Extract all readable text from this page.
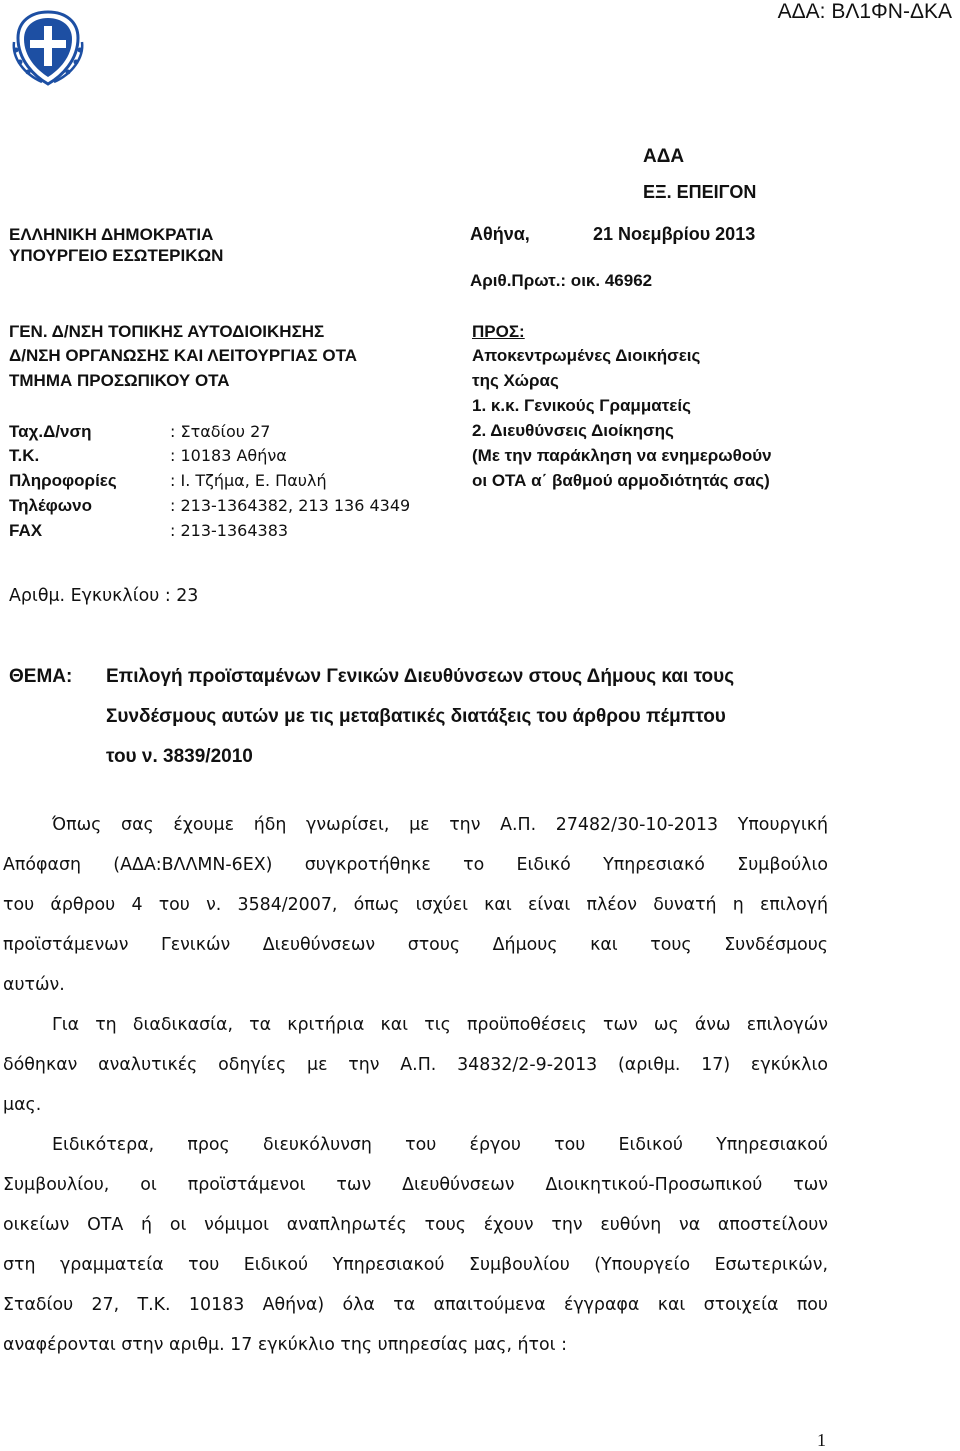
ΑΔΑ: ΒΛ1ΦΝ-ΔΚΑ
ΑΔΑ
ΕΞ. ΕΠΕΙΓΟΝ
Αθήνα,	21 Νοεμβρίου 2013
Αριθ.Πρωτ.: οικ. 46962
ΕΛΛΗΝΙΚΗ ΔΗΜΟΚΡΑΤΙΑ
ΥΠΟΥΡΓΕΙΟ ΕΣΩΤΕΡΙΚΩΝ
ΓΕΝ. Δ/ΝΣΗ ΤΟΠΙΚΗΣ ΑΥΤΟΔΙΟΙΚΗΣΗΣ
Δ/ΝΣΗ ΟΡΓΑΝΩΣΗΣ ΚΑΙ ΛΕΙΤΟΥΡΓΙΑΣ ΟΤΑ
ΤΜΗΜΑ ΠΡΟΣΩΠΙΚΟΥ ΟΤΑ
Ταχ.Δ/νση	: Σταδίου 27
Τ.Κ.	: 10183 Αθήνα
Πληροφορίες	: Ι. Τζήμα, Ε. Παυλή
Τηλέφωνο	: 213-1364382, 213 136 4349
FAX	: 213-1364383
ΠΡΟΣ:
Αποκεντρωμένες Διοικήσεις
της Χώρας
1. κ.κ. Γενικούς Γραμματείς
2. Διευθύνσεις Διοίκησης
(Με την παράκληση να ενημερωθούν
οι ΟΤΑ α΄ βαθμού αρμοδιότητάς σας)
Αριθμ. Εγκυκλίου : 23
ΘΕΜΑ: Επιλογή προϊσταμένων Γενικών Διευθύνσεων στους Δήμους και τους
Συνδέσμους αυτών με τις μεταβατικές διατάξεις του άρθρου πέμπτου
του ν. 3839/2010
Όπως σας έχουμε ήδη γνωρίσει, με την Α.Π. 27482/30-10-2013 Υπουργική
Απόφαση (ΑΔΑ:ΒΛΛΜΝ-6ΕΧ) συγκροτήθηκε το Ειδικό Υπηρεσιακό Συμβούλιο
του άρθρου 4 του ν. 3584/2007, όπως ισχύει και είναι πλέον δυνατή η επιλογή
προϊστάμενων Γενικών Διευθύνσεων στους Δήμους και τους Συνδέσμους
αυτών.
Για τη διαδικασία, τα κριτήρια και τις προϋποθέσεις των ως άνω επιλογών
δόθηκαν αναλυτικές οδηγίες με την Α.Π. 34832/2-9-2013 (αριθμ. 17) εγκύκλιο
μας.
Ειδικότερα, προς διευκόλυνση του έργου του Ειδικού Υπηρεσιακού
Συμβουλίου, οι προϊστάμενοι των Διευθύνσεων Διοικητικού-Προσωπικού των
οικείων ΟΤΑ ή οι νόμιμοι αναπληρωτές τους έχουν την ευθύνη να αποστείλουν
στη γραμματεία του Ειδικού Υπηρεσιακού Συμβουλίου (Υπουργείο Εσωτερικών,
Σταδίου 27, Τ.Κ. 10183 Αθήνα) όλα τα απαιτούμενα έγγραφα και στοιχεία που
αναφέρονται στην αριθμ. 17 εγκύκλιο της υπηρεσίας μας, ήτοι :
1
